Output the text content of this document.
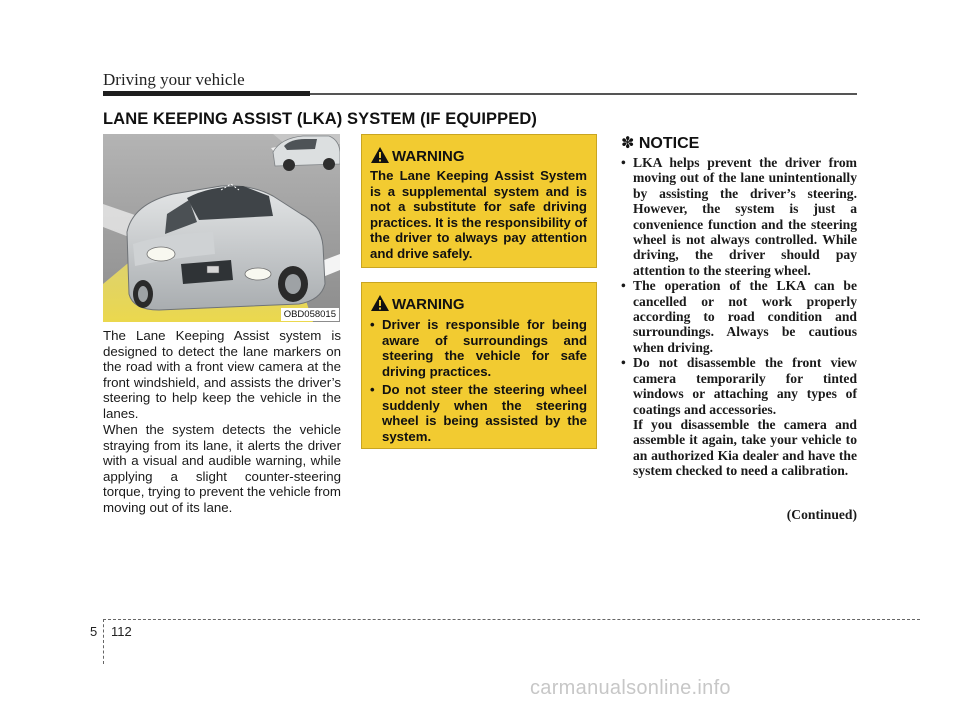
Driving your vehicle
LANE KEEPING ASSIST (LKA) SYSTEM (IF EQUIPPED)
OBD058015
The Lane Keeping Assist system is designed to detect the lane markers on the road with a front view camera at the front windshield, and assists the driver’s steering to help keep the vehicle in the lanes.
When the system detects the vehicle straying from its lane, it alerts the driver with a visual and audible warning, while applying a slight counter-steering torque, trying to prevent the vehicle from moving out of its lane.
WARNING
The Lane Keeping Assist System is a supplemental system and is not a substitute for safe driving practices. It is the responsibility of the driver to always pay attention and drive safely.
WARNING
• Driver is responsible for being aware of surroundings and steering the vehicle for safe driving practices.
• Do not steer the steering wheel suddenly when the steering wheel is being assisted by the system.
✽ NOTICE
• LKA helps prevent the driver from moving out of the lane unintentionally by assisting the driver’s steering. However, the system is just a convenience function and the steering wheel is not always controlled. While driving, the driver should pay attention to the steering wheel.
• The operation of the LKA can be cancelled or not work properly according to road condition and surroundings. Always be cautious when driving.
• Do not disassemble the front view camera temporarily for tinted windows or attaching any types of coatings and accessories.
If you disassemble the camera and assemble it again, take your vehicle to an authorized Kia dealer and have the system checked to need a calibration.
(Continued)
5 112
carmanualsonline.info
